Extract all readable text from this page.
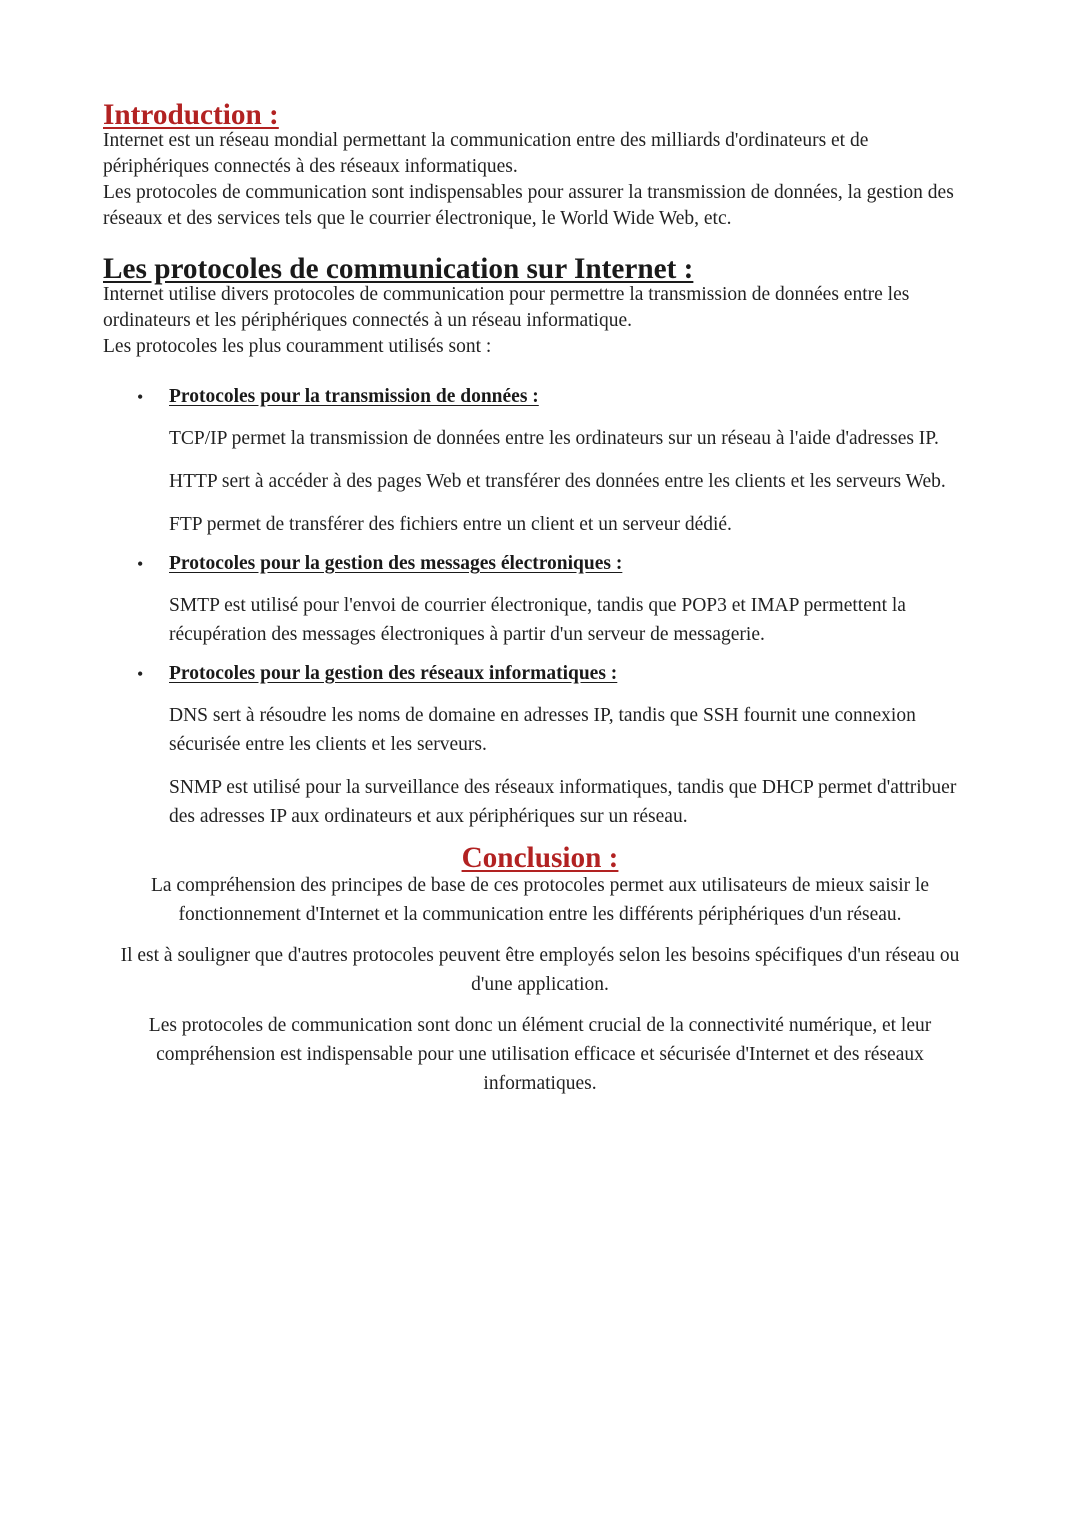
Introduction :

Internet est un réseau mondial permettant la communication entre des milliards d'ordinateurs et de périphériques connectés à des réseaux informatiques.

Les protocoles de communication sont indispensables pour assurer la transmission de données, la gestion des réseaux et des services tels que le courrier électronique, le World Wide Web, etc.

Les protocoles de communication sur Internet :

Internet utilise divers protocoles de communication pour permettre la transmission de données entre les ordinateurs et les périphériques connectés à un réseau informatique.

Les protocoles les plus couramment utilisés sont :

• Protocoles pour la transmission de données :

TCP/IP permet la transmission de données entre les ordinateurs sur un réseau à l'aide d'adresses IP.

HTTP sert à accéder à des pages Web et transférer des données entre les clients et les serveurs Web.

FTP permet de transférer des fichiers entre un client et un serveur dédié.

• Protocoles pour la gestion des messages électroniques :

SMTP est utilisé pour l'envoi de courrier électronique, tandis que POP3 et IMAP permettent la récupération des messages électroniques à partir d'un serveur de messagerie.

• Protocoles pour la gestion des réseaux informatiques :

DNS sert à résoudre les noms de domaine en adresses IP, tandis que SSH fournit une connexion sécurisée entre les clients et les serveurs.

SNMP est utilisé pour la surveillance des réseaux informatiques, tandis que DHCP permet d'attribuer des adresses IP aux ordinateurs et aux périphériques sur un réseau.

Conclusion :

La compréhension des principes de base de ces protocoles permet aux utilisateurs de mieux saisir le fonctionnement d'Internet et la communication entre les différents périphériques d'un réseau.

Il est à souligner que d'autres protocoles peuvent être employés selon les besoins spécifiques d'un réseau ou d'une application.

Les protocoles de communication sont donc un élément crucial de la connectivité numérique, et leur compréhension est indispensable pour une utilisation efficace et sécurisée d'Internet et des réseaux informatiques.
